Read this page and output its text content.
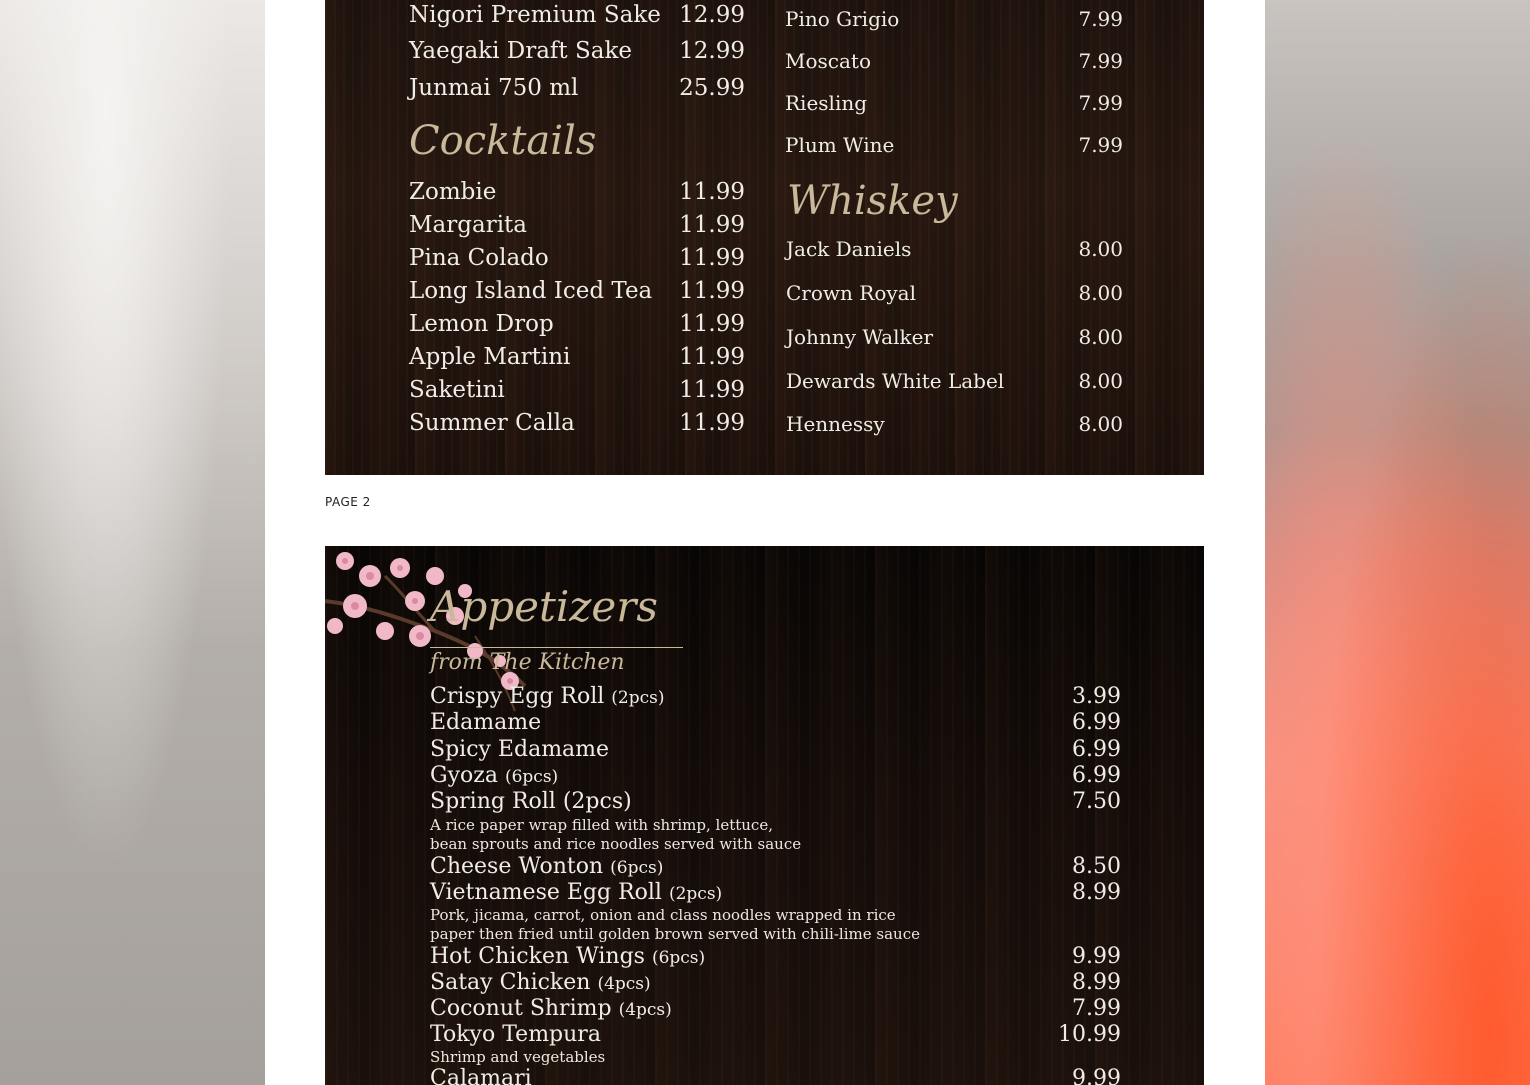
Nigori Premium Sake 12.99
Yaegaki Draft Sake	12.99
Junmai 750 ml	25.99
Cocktails
Zombie	11.99
Margarita	11.99
Pina Colado	11.99
Long Island Iced Tea	11.99
Lemon Drop	11.99
Apple Martini	11.99
Saketini	11.99
Summer Calla	11.99
Pino Grigio	7.99
Moscato	7.99
Riesling	7.99
Plum Wine	7.99
Whiskey
Jack Daniels	8.00
Crown Royal	8.00
Johnny Walker	8.00
Dewards White Label	8.00
Hennessy	8.00
PAGE 2
Appetizers
from The Kitchen
Crispy Egg Roll (2pcs)	3.99
Edamame	6.99
Spicy Edamame	6.99
Gyoza (6pcs)	6.99
Spring Roll (2pcs)	7.50
A rice paper wrap filled with shrimp, lettuce,
bean sprouts and rice noodles served with sauce
Cheese Wonton (6pcs)	8.50
Vietnamese Egg Roll (2pcs)	8.99
Pork, jicama, carrot, onion and class noodles wrapped in rice
paper then fried until golden brown served with chili-lime sauce
Hot Chicken Wings (6pcs)	9.99
Satay Chicken (4pcs)	8.99
Coconut Shrimp (4pcs)	7.99
Tokyo Tempura	10.99
Shrimp and vegetables
Calamari	9.99
